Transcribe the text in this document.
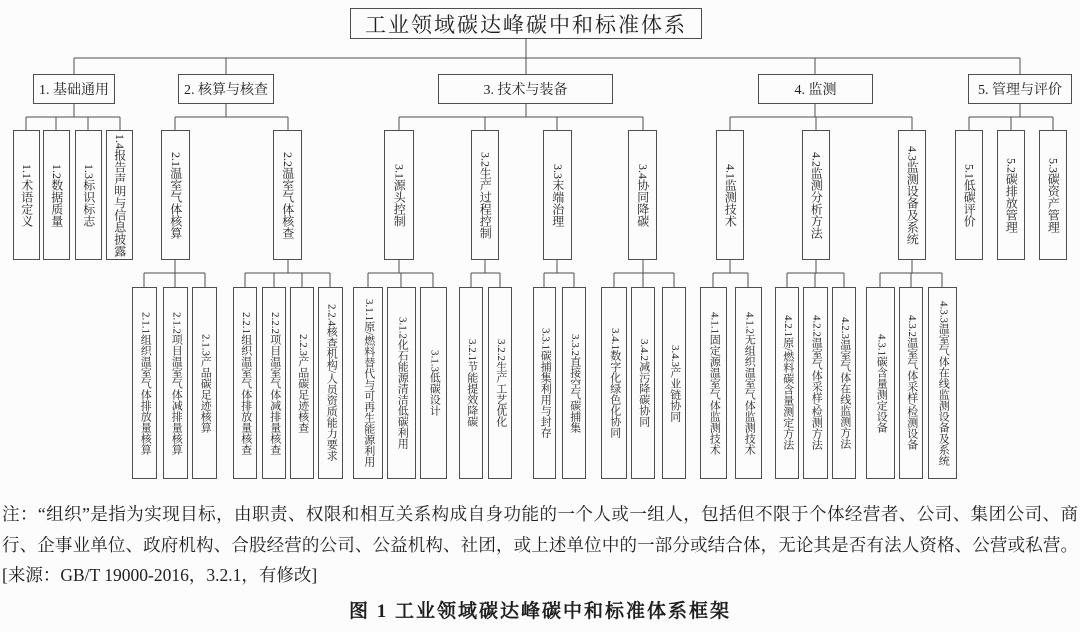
工业领域碳达峰碳中和标准体系
1. 基础通用	2. 核算与核查	3. 技术与装备	4. 监测	5. 管理与评价
1.1术语定义	1.2数据质量	1.3标识标志	1.4报告声明与信息披露	2.1温室气体核算	2.2温室气体核查	3.1源头控制	3.2生产过程控制	3.3末端治理	3.4协同降碳	4.1监测技术	4.2监测分析方法	4.3监测设备及系统	5.1低碳评价	5.2碳排放管理	5.3碳资产管理
2.1.1组织温室气体排放量核算	2.1.2项目温室气体减排量核算	2.1.3产品碳足迹核算	2.2.1组织温室气体排放量核查	2.2.2项目温室气体减排量核查	2.2.3产品碳足迹核查	2.2.4核查机构/人员资质能力要求	3.1.1原/燃料替代与可再生能源利用	3.1.2化石能源清洁低碳利用	3.1.3低碳设计	3.2.1节能提效降碳	3.2.2生产工艺优化	3.3.1碳捕集利用与封存	3.3.2直接空气碳捕集	3.4.1数字化绿色化协同	3.4.2减污降碳协同	3.4.3产业链协同	4.1.1固定源温室气体监测技术	4.1.2无组织温室气体监测技术	4.2.1原/燃料碳含量测定方法	4.2.2温室气体采样/检测方法	4.2.3温室气体在线监测方法	4.3.1碳含量测定设备	4.3.2温室气体采样/检测设备	4.3.3温室气体在线监测设备及系统
注：“组织”是指为实现目标，由职责、权限和相互关系构成自身功能的一个人或一组人，包括但不限于个体经营者、公司、集团公司、商行、企事业单位、政府机构、合股经营的公司、公益机构、社团，或上述单位中的一部分或结合体，无论其是否有法人资格、公营或私营。[来源：GB/T 19000-2016，3.2.1，有修改]
图 1 工业领域碳达峰碳中和标准体系框架
